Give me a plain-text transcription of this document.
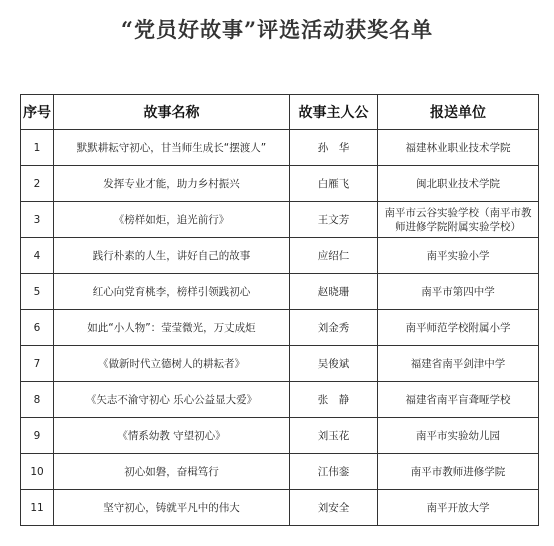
“党员好故事”评选活动获奖名单
序号	故事名称	故事主人公	报送单位
1	默默耕耘守初心，甘当师生成长“摆渡人”	孙　华	福建林业职业技术学院
2	发挥专业才能，助力乡村振兴	白雁飞	闽北职业技术学院
3	《榜样如炬，追光前行》	王文芳	南平市云谷实验学校（南平市教师进修学院附属实验学校）
4	践行朴素的人生，讲好自己的故事	应绍仁	南平实验小学
5	红心向党育桃李，榜样引领践初心	赵晓珊	南平市第四中学
6	如此“小人物”：莹莹微光，万丈成炬	刘金秀	南平师范学校附属小学
7	《做新时代立德树人的耕耘者》	吴俊斌	福建省南平剑津中学
8	《矢志不渝守初心 乐心公益显大爱》	张　静	福建省南平盲聋哑学校
9	《情系幼教 守望初心》	刘玉花	南平市实验幼儿园
10	初心如磐，奋楫笃行	江伟銮	南平市教师进修学院
11	坚守初心，铸就平凡中的伟大	刘安全	南平开放大学
